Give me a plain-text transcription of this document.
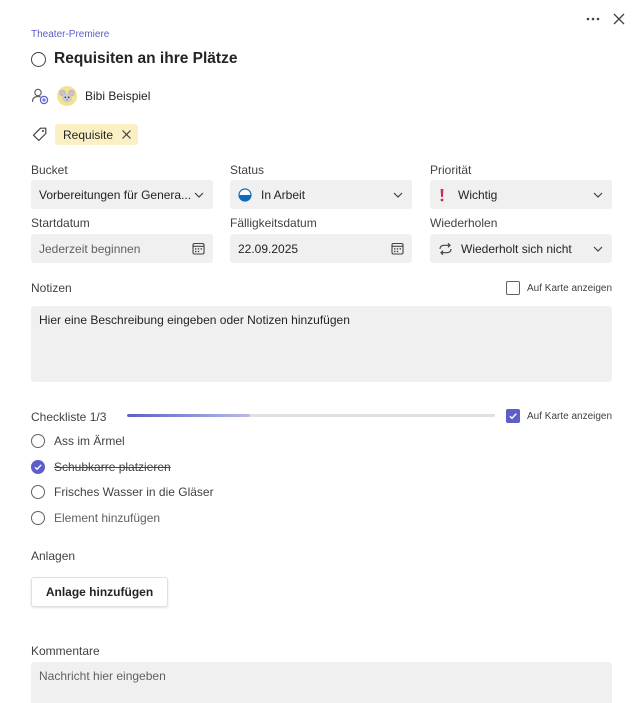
Theater-Premiere
Requisiten an ihre Plätze
Bibi Beispiel
Requisite
Bucket	Status	Priorität
Vorbereitungen für Genera...	In Arbeit	Wichtig
Startdatum	Fälligkeitsdatum	Wiederholen
Jederzeit beginnen	22.09.2025	Wiederholt sich nicht
Notizen	Auf Karte anzeigen
Hier eine Beschreibung eingeben oder Notizen hinzufügen
Checkliste 1/3	Auf Karte anzeigen
Ass im Ärmel
Schubkarre platzieren
Frisches Wasser in die Gläser
Element hinzufügen
Anlagen
Anlage hinzufügen
Kommentare
Nachricht hier eingeben
